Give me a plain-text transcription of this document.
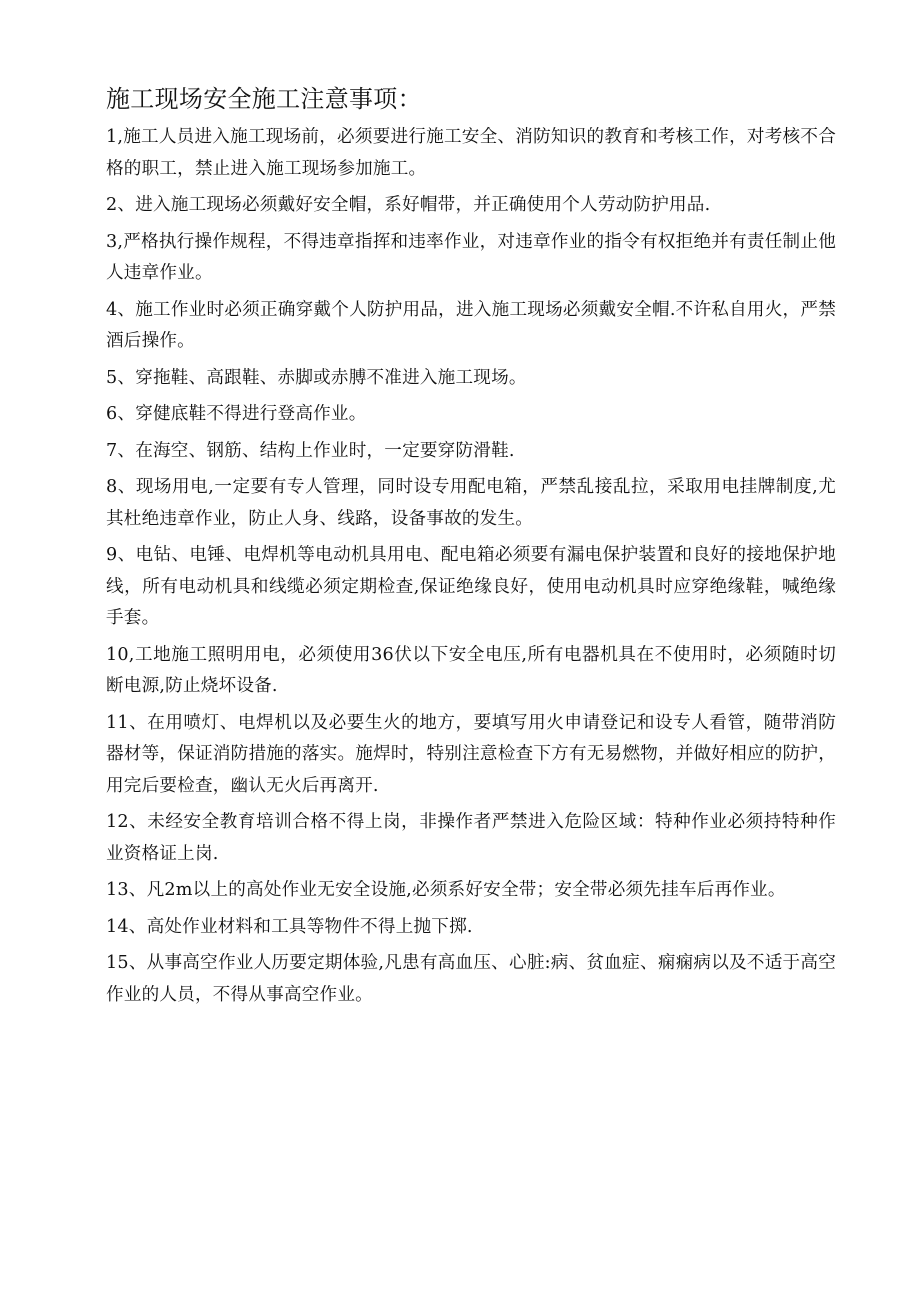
施工现场安全施工注意事项：
1,施工人员进入施工现场前，必须要进行施工安全、消防知识的教育和考核工作，对考核不合格的职工，禁止进入施工现场参加施工。
2、进入施工现场必须戴好安全帽，系好帽带，并正确使用个人劳动防护用品.
3,严格执行操作规程，不得违章指挥和违率作业，对违章作业的指令有权拒绝并有责任制止他人违章作业。
4、施工作业时必须正确穿戴个人防护用品，进入施工现场必须戴安全帽.不许私自用火，严禁酒后操作。
5、穿拖鞋、高跟鞋、赤脚或赤膊不准进入施工现场。
6、穿健底鞋不得进行登高作业。
7、在海空、钢筋、结构上作业时，一定要穿防滑鞋.
8、现场用电,一定要有专人管理，同时设专用配电箱，严禁乱接乱拉，采取用电挂牌制度,尤其杜绝违章作业，防止人身、线路，设备事故的发生。
9、电钻、电锤、电焊机等电动机具用电、配电箱必须要有漏电保护装置和良好的接地保护地线，所有电动机具和线缆必须定期检查,保证绝缘良好，使用电动机具时应穿绝缘鞋，喊绝缘手套。
10,工地施工照明用电，必须使用36伏以下安全电压,所有电器机具在不使用时，必须随时切断电源,防止烧坏设备.
11、在用喷灯、电焊机以及必要生火的地方，要填写用火申请登记和设专人看管，随带消防器材等，保证消防措施的落实。施焊时，特别注意检查下方有无易燃物，并做好相应的防护，用完后要检查，幽认无火后再离开.
12、未经安全教育培训合格不得上岗，非操作者严禁进入危险区域：特种作业必须持特种作业资格证上岗.
13、凡2m以上的高处作业无安全设施,必须系好安全带；安全带必须先挂车后再作业。
14、高处作业材料和工具等物件不得上抛下掷.
15、从事高空作业人历要定期体验,凡患有高血压、心脏:病、贫血症、痫痫病以及不适于高空作业的人员，不得从事高空作业。
